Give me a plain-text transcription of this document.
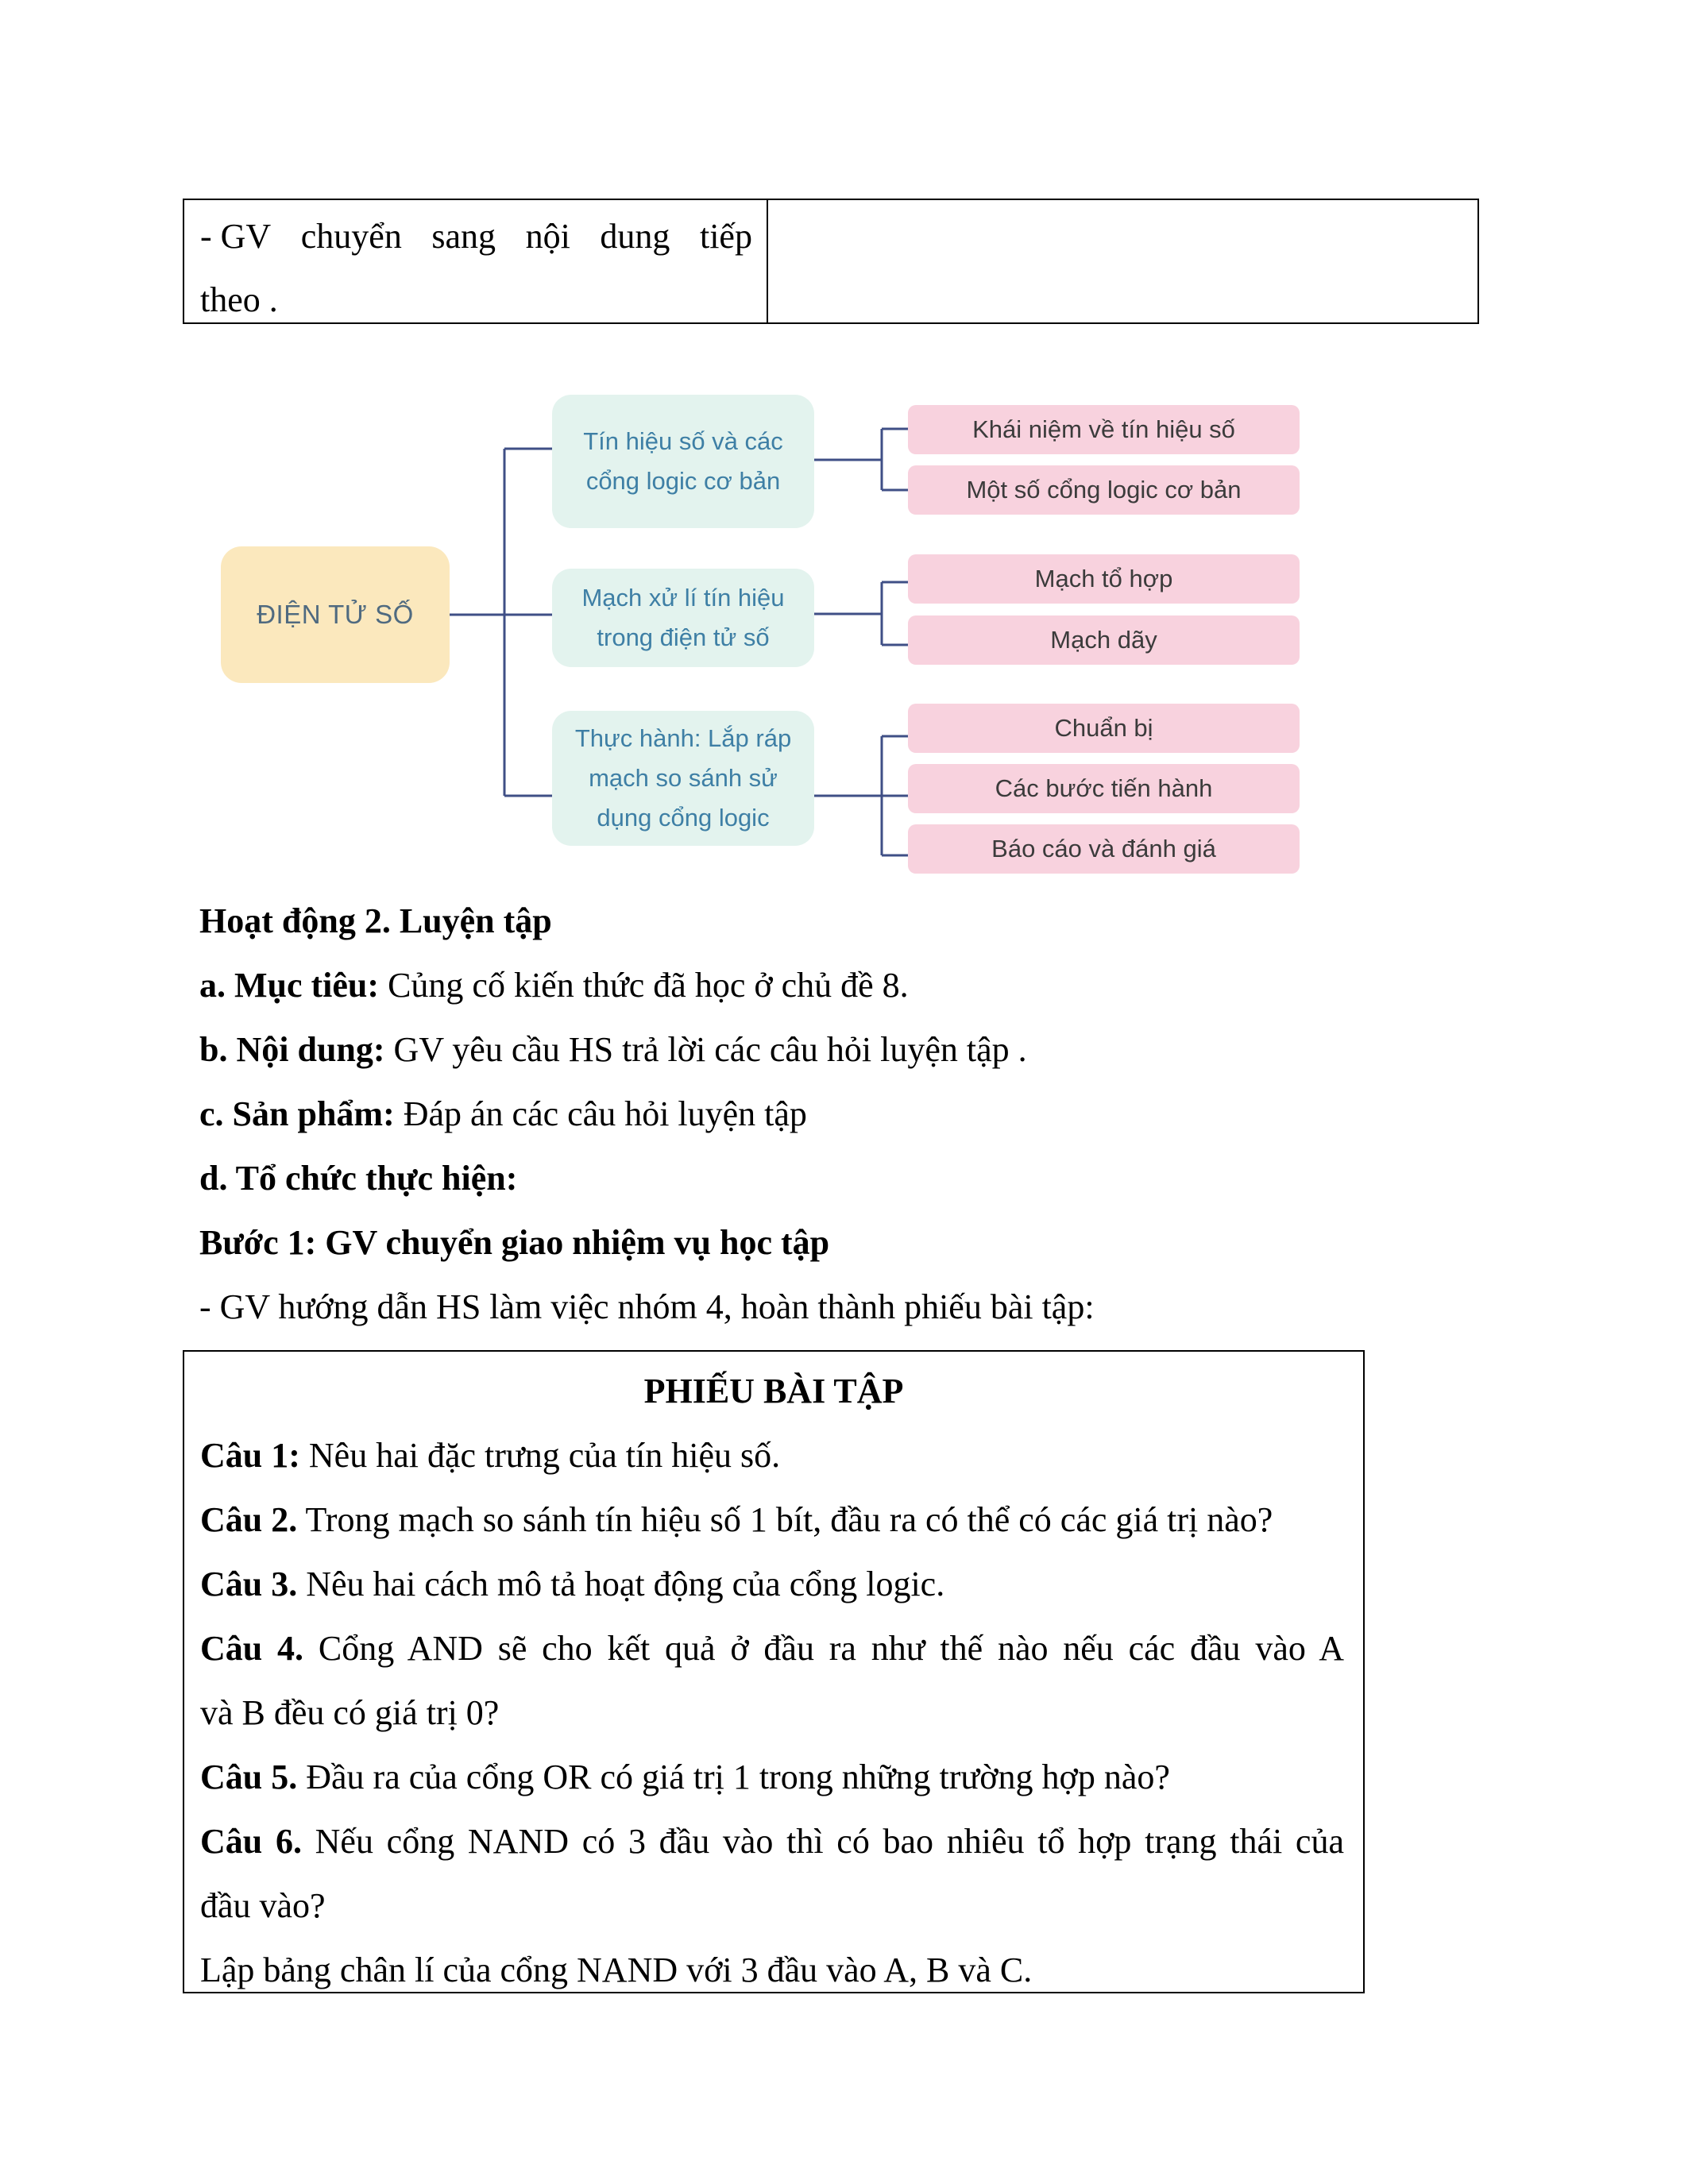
- GV chuyển sang nội dung tiếp
theo .
ĐIỆN TỬ SỐ
Tín hiệu số và các
cổng logic cơ bản
Mạch xử lí tín hiệu
trong điện tử số
Thực hành: Lắp ráp
mạch so sánh sử
dụng cổng logic
Khái niệm về tín hiệu số
Một số cổng logic cơ bản
Mạch tổ hợp
Mạch dãy
Chuẩn bị
Các bước tiến hành
Báo cáo và đánh giá
Hoạt động 2. Luyện tập
a. Mục tiêu: Củng cố kiến thức đã học ở chủ đề 8.
b. Nội dung: GV yêu cầu HS trả lời các câu hỏi luyện tập .
c. Sản phẩm: Đáp án các câu hỏi luyện tập
d. Tổ chức thực hiện:
Bước 1: GV chuyển giao nhiệm vụ học tập
- GV hướng dẫn HS làm việc nhóm 4, hoàn thành phiếu bài tập:
PHIẾU BÀI TẬP
Câu 1: Nêu hai đặc trưng của tín hiệu số.
Câu 2. Trong mạch so sánh tín hiệu số 1 bít, đầu ra có thể có các giá trị nào?
Câu 3. Nêu hai cách mô tả hoạt động của cổng logic.
Câu 4. Cổng AND sẽ cho kết quả ở đầu ra như thế nào nếu các đầu vào A
và B đều có giá trị 0?
Câu 5. Đầu ra của cổng OR có giá trị 1 trong những trường hợp nào?
Câu 6. Nếu cổng NAND có 3 đầu vào thì có bao nhiêu tổ hợp trạng thái của
đầu vào?
Lập bảng chân lí của cổng NAND với 3 đầu vào A, B và C.
